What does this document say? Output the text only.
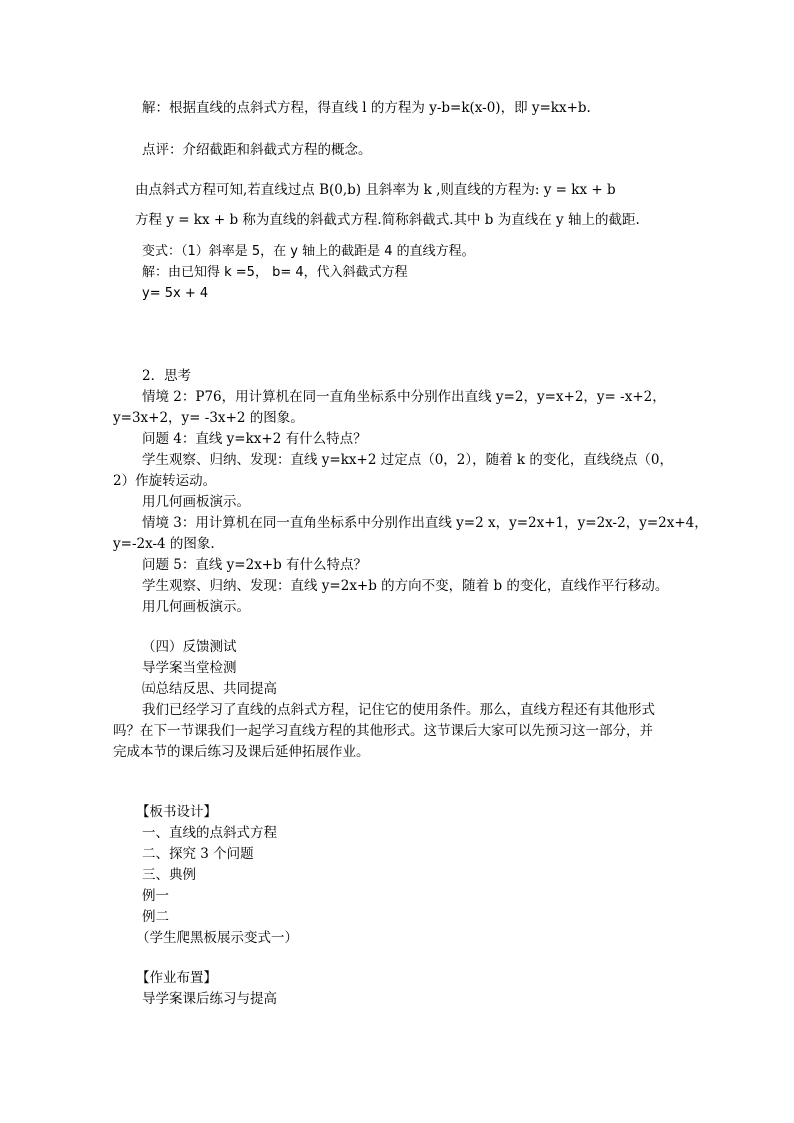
解：根据直线的点斜式方程，得直线 l 的方程为 y-b=k(x-0)，即 y=kx+b.
点评：介绍截距和斜截式方程的概念。
由点斜式方程可知,若直线过点 B(0,b) 且斜率为 k ,则直线的方程为: y = kx + b
方程 y = kx + b 称为直线的斜截式方程.简称斜截式.其中 b 为直线在 y 轴上的截距.
变式：（1）斜率是 5，在 y 轴上的截距是 4 的直线方程。
解：由已知得 k =5， b= 4，代入斜截式方程
y= 5x + 4
2．思考
情境 2：P76，用计算机在同一直角坐标系中分别作出直线 y=2，y=x+2，y= -x+2，
y=3x+2，y= -3x+2 的图象。
问题 4：直线 y=kx+2 有什么特点？
学生观察、归纳、发现：直线 y=kx+2 过定点（0，2），随着 k 的变化，直线绕点（0，
2）作旋转运动。
用几何画板演示。
情境 3：用计算机在同一直角坐标系中分别作出直线 y=2 x，y=2x+1，y=2x-2，y=2x+4，
y=-2x-4 的图象.
问题 5：直线 y=2x+b 有什么特点？
学生观察、归纳、发现：直线 y=2x+b 的方向不变，随着 b 的变化，直线作平行移动。
用几何画板演示。
（四）反馈测试
导学案当堂检测
㈤总结反思、共同提高
我们已经学习了直线的点斜式方程，记住它的使用条件。那么，直线方程还有其他形式
吗？在下一节课我们一起学习直线方程的其他形式。这节课后大家可以先预习这一部分，并
完成本节的课后练习及课后延伸拓展作业。
【板书设计】
一、直线的点斜式方程
二、探究 3 个问题
三、典例
例一
例二
（学生爬黑板展示变式一）
【作业布置】
导学案课后练习与提高
